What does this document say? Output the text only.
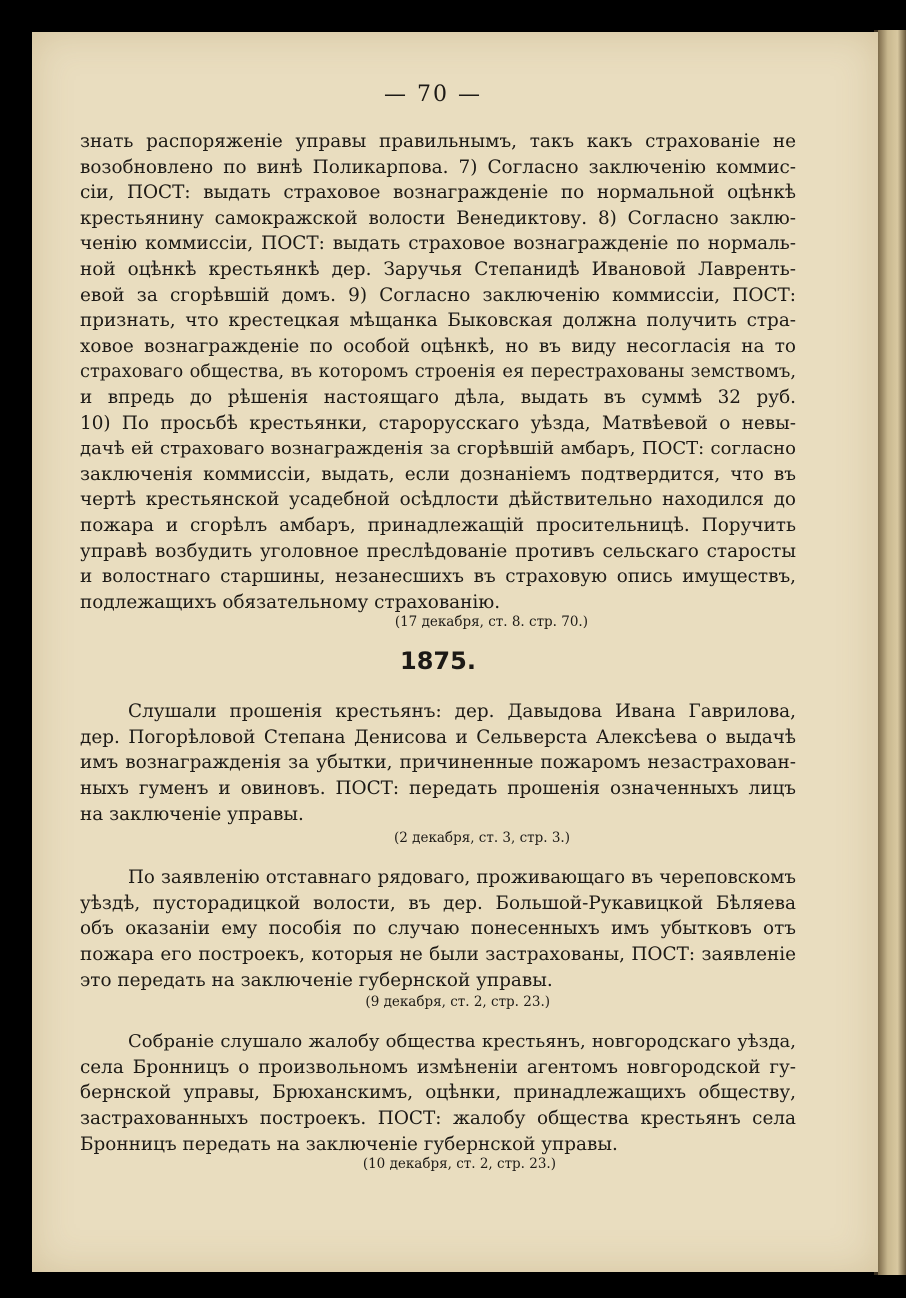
— 70 —
знать распоряженіе управы правильнымъ, такъ какъ страхованіе не
возобновлено по винѣ Поликарпова. 7) Согласно заключенію коммис-
сіи, ПОСТ: выдать страховое вознагражденіе по нормальной оцѣнкѣ
крестьянину самокражской волости Венедиктову. 8) Согласно заклю-
ченію коммиссіи, ПОСТ: выдать страховое вознагражденіе по нормаль-
ной оцѣнкѣ крестьянкѣ дер. Заручья Степанидѣ Ивановой Лавренть-
евой за сгорѣвшій домъ. 9) Согласно заключенію коммиссіи, ПОСТ:
признать, что крестецкая мѣщанка Быковская должна получить стра-
ховое вознагражденіе по особой оцѣнкѣ, но въ виду несогласія на то
страховаго общества, въ которомъ строенія ея перестрахованы земствомъ,
и впредь до рѣшенія настоящаго дѣла, выдать въ суммѣ 32 руб.
10) По просьбѣ крестьянки, старорусскаго уѣзда, Матвѣевой о невы-
дачѣ ей страховаго вознагражденія за сгорѣвшій амбаръ, ПОСТ: согласно
заключенія коммиссіи, выдать, если дознаніемъ подтвердится, что въ
чертѣ крестьянской усадебной осѣдлости дѣйствительно находился до
пожара и сгорѣлъ амбаръ, принадлежащій просительницѣ. Поручить
управѣ возбудить уголовное преслѣдованіе противъ сельскаго старосты
и волостнаго старшины, незанесшихъ въ страховую опись имуществъ,
подлежащихъ обязательному страхованію.
(17 декабря, ст. 8. стр. 70.)
1875.
Слушали прошенія крестьянъ: дер. Давыдова Ивана Гаврилова,
дер. Погорѣловой Степана Денисова и Сельверста Алексѣева о выдачѣ
имъ вознагражденія за убытки, причиненные пожаромъ незастрахован-
ныхъ гуменъ и овиновъ. ПОСТ: передать прошенія означенныхъ лицъ
на заключеніе управы.
(2 декабря, ст. 3, стр. 3.)
По заявленію отставнаго рядоваго, проживающаго въ череповскомъ
уѣздѣ, пусторадицкой волости, въ дер. Большой-Рукавицкой Бѣляева
объ оказаніи ему пособія по случаю понесенныхъ имъ убытковъ отъ
пожара его построекъ, которыя не были застрахованы, ПОСТ: заявленіе
это передать на заключеніе губернской управы.
(9 декабря, ст. 2, стр. 23.)
Собраніе слушало жалобу общества крестьянъ, новгородскаго уѣзда,
села Бронницъ о произвольномъ измѣненіи агентомъ новгородской гу-
бернской управы, Брюханскимъ, оцѣнки, принадлежащихъ обществу,
застрахованныхъ построекъ. ПОСТ: жалобу общества крестьянъ села
Бронницъ передать на заключеніе губернской управы.
(10 декабря, ст. 2, стр. 23.)
